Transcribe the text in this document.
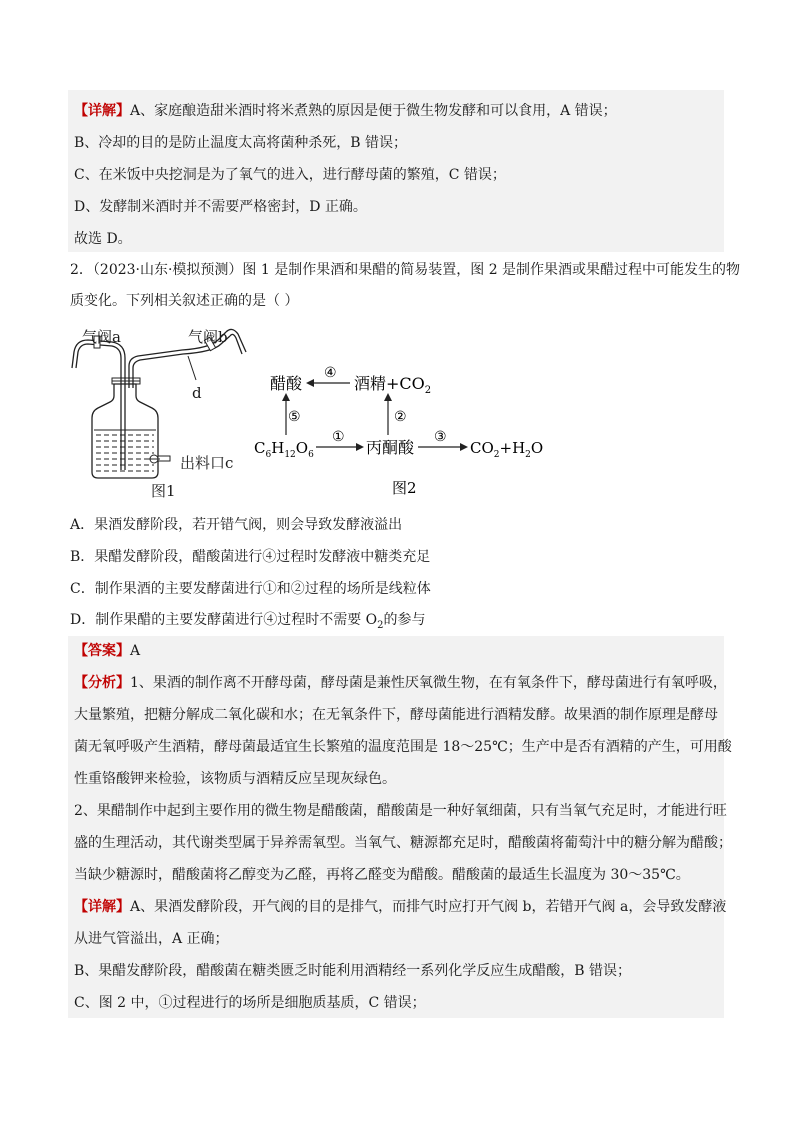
【详解】A、家庭酿造甜米酒时将米煮熟的原因是便于微生物发酵和可以食用，A 错误；
B、冷却的目的是防止温度太高将菌种杀死，B 错误；
C、在米饭中央挖洞是为了氧气的进入，进行酵母菌的繁殖，C 错误；
D、发酵制米酒时并不需要严格密封，D 正确。
故选 D。
2．（2023·山东·模拟预测）图 1 是制作果酒和果醋的简易装置，图 2 是制作果酒或果醋过程中可能发生的物
质变化。下列相关叙述正确的是（ ）
气阀a	气阀b
d
出料口c
图1
醋酸	酒精$+CO_2$
$C_6H_{12}O_6$	丙酮酸	$CO_2+H_2O$
④
⑤
①
②
③
图2
A．果酒发酵阶段，若开错气阀，则会导致发酵液溢出
B．果醋发酵阶段，醋酸菌进行④过程时发酵液中糖类充足
C．制作果酒的主要发酵菌进行①和②过程的场所是线粒体
D．制作果醋的主要发酵菌进行④过程时不需要 $O_2$的参与
【答案】A
【分析】1、果酒的制作离不开酵母菌，酵母菌是兼性厌氧微生物，在有氧条件下，酵母菌进行有氧呼吸，
大量繁殖，把糖分解成二氧化碳和水；在无氧条件下，酵母菌能进行酒精发酵。故果酒的制作原理是酵母
菌无氧呼吸产生酒精，酵母菌最适宜生长繁殖的温度范围是 18～25℃；生产中是否有酒精的产生，可用酸
性重铬酸钾来检验，该物质与酒精反应呈现灰绿色。
2、果醋制作中起到主要作用的微生物是醋酸菌，醋酸菌是一种好氧细菌，只有当氧气充足时，才能进行旺
盛的生理活动，其代谢类型属于异养需氧型。当氧气、糖源都充足时，醋酸菌将葡萄汁中的糖分解为醋酸；
当缺少糖源时，醋酸菌将乙醇变为乙醛，再将乙醛变为醋酸。醋酸菌的最适生长温度为 30～35℃。
【详解】A、果酒发酵阶段，开气阀的目的是排气，而排气时应打开气阀 b，若错开气阀 a，会导致发酵液
从进气管溢出，A 正确；
B、果醋发酵阶段，醋酸菌在糖类匮乏时能利用酒精经一系列化学反应生成醋酸，B 错误；
C、图 2 中，①过程进行的场所是细胞质基质，C 错误；
